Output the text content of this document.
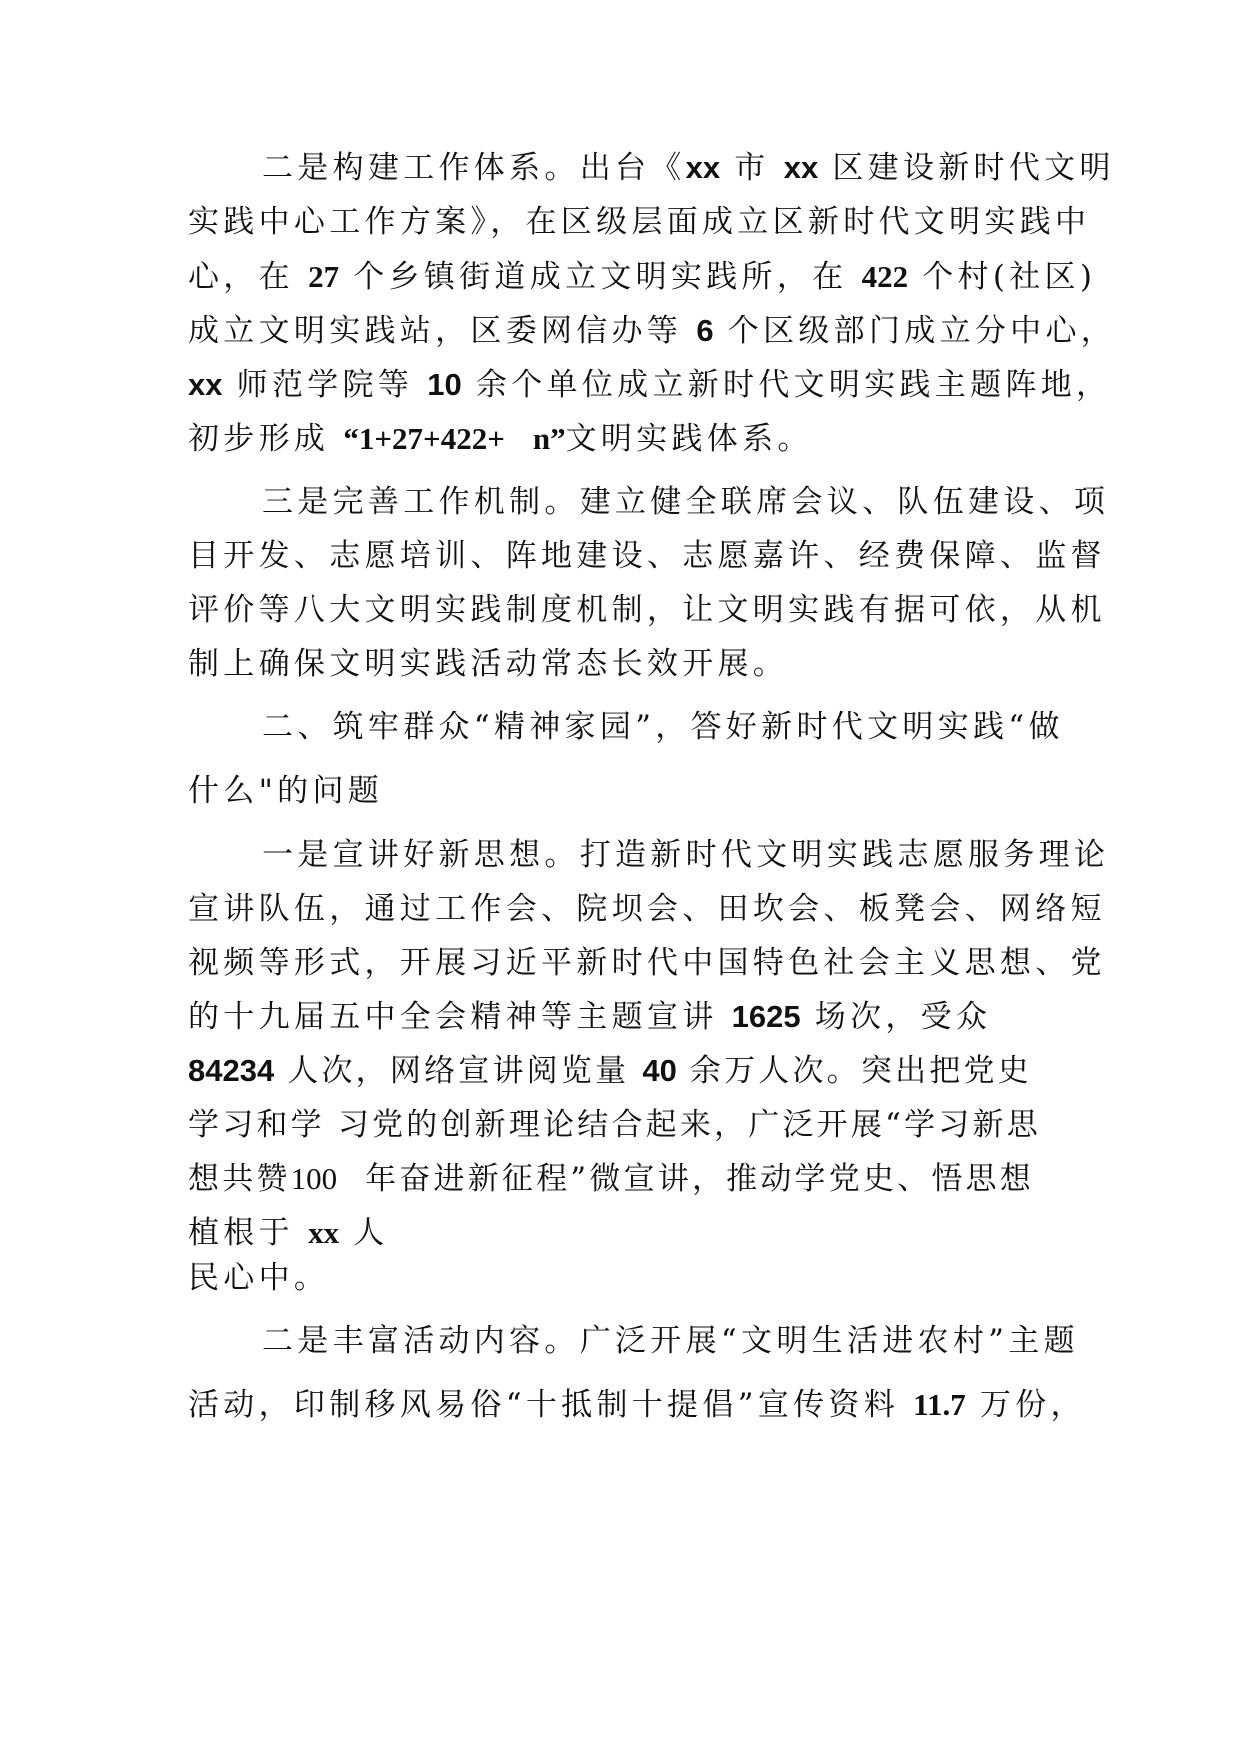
二是构建工作体系。出台《xx 市 xx 区建设新时代文明
实践中心工作方案》，在区级层面成立区新时代文明实践中
心，在 27 个乡镇街道成立文明实践所，在 422 个村(社区)
成立文明实践站，区委网信办等 6 个区级部门成立分中心，
xx 师范学院等 10 余个单位成立新时代文明实践主题阵地，
初步形成 “1+27+422+ n”文明实践体系。
三是完善工作机制。建立健全联席会议、队伍建设、项
目开发、志愿培训、阵地建设、志愿嘉许、经费保障、监督
评价等八大文明实践制度机制，让文明实践有据可依，从机
制上确保文明实践活动常态长效开展。
二、筑牢群众“精神家园”，答好新时代文明实践“做
什么"的问题
一是宣讲好新思想。打造新时代文明实践志愿服务理论
宣讲队伍，通过工作会、院坝会、田坎会、板凳会、网络短
视频等形式，开展习近平新时代中国特色社会主义思想、党
的十九届五中全会精神等主题宣讲 1625 场次，受众
84234 人次，网络宣讲阅览量 40 余万人次。突出把党史
学习和学 习党的创新理论结合起来，广泛开展“学习新思
想共赞100 年奋进新征程”微宣讲，推动学党史、悟思想
植根于 xx 人
民心中。
二是丰富活动内容。广泛开展“文明生活进农村”主题
活动，印制移风易俗“十抵制十提倡”宣传资料 11.7 万份，
